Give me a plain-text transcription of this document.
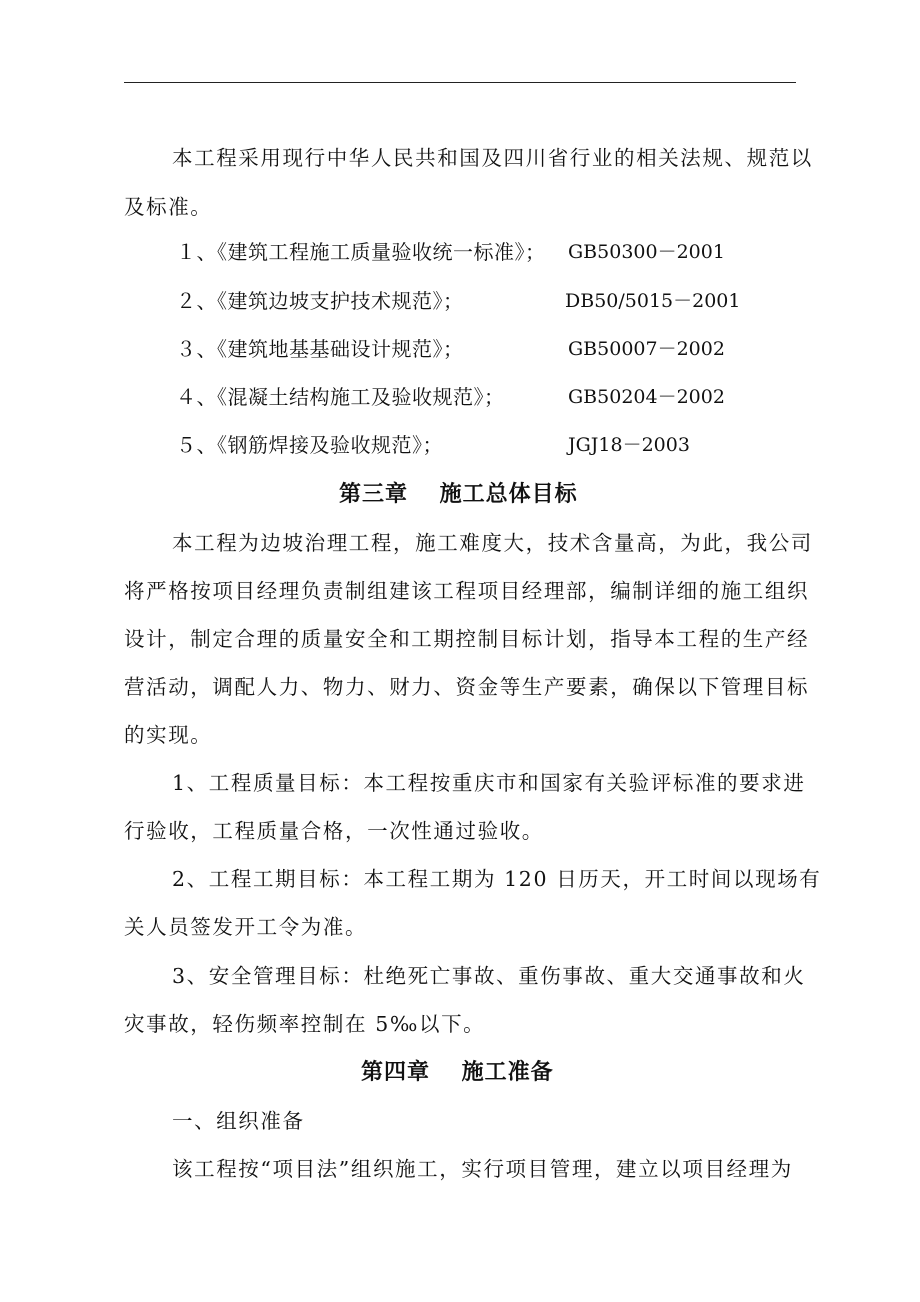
本工程采用现行中华人民共和国及四川省行业的相关法规、规范以
及标准。
１、《建筑工程施工质量验收统一标准》； GB50300－2001
２、《建筑边坡支护技术规范》；	DB50/5015－2001
３、《建筑地基基础设计规范》；	GB50007－2002
４、《混凝土结构施工及验收规范》；	GB50204－2002
５、《钢筋焊接及验收规范》；	JGJ18－2003
第三章　 施工总体目标
本工程为边坡治理工程，施工难度大，技术含量高，为此，我公司
将严格按项目经理负责制组建该工程项目经理部，编制详细的施工组织
设计，制定合理的质量安全和工期控制目标计划，指导本工程的生产经
营活动，调配人力、物力、财力、资金等生产要素，确保以下管理目标
的实现。
1、工程质量目标：本工程按重庆市和国家有关验评标准的要求进
行验收，工程质量合格，一次性通过验收。
2、工程工期目标：本工程工期为 120 日历天，开工时间以现场有
关人员签发开工令为准。
3、安全管理目标：杜绝死亡事故、重伤事故、重大交通事故和火
灾事故，轻伤频率控制在 5‰以下。
第四章　 施工准备
一、组织准备
该工程按“项目法”组织施工，实行项目管理，建立以项目经理为
